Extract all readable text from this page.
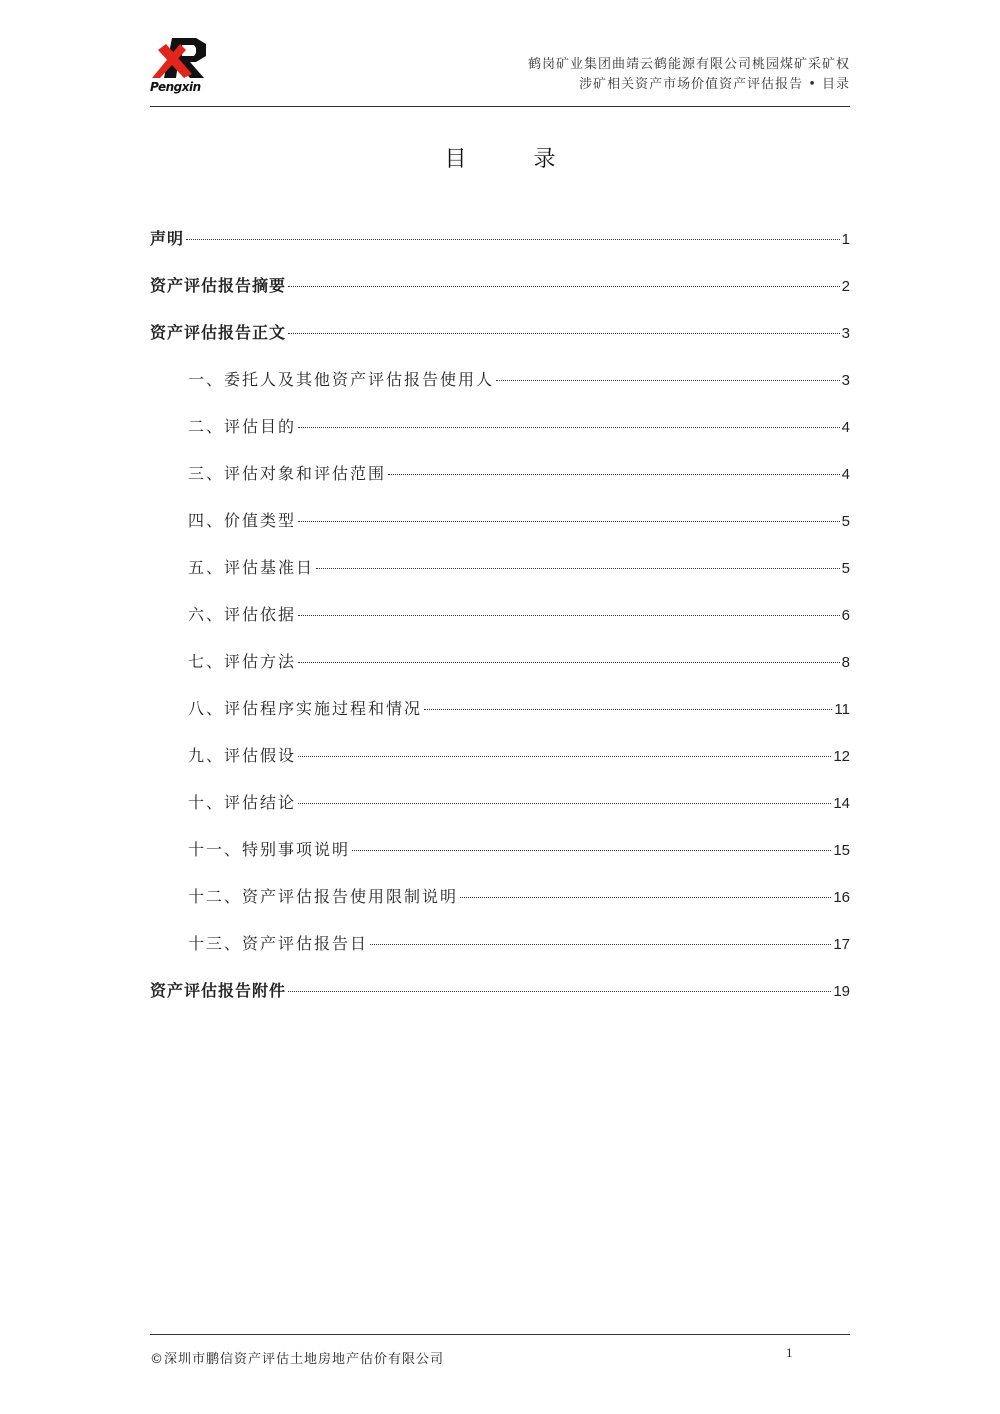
Pengxin
鹤岗矿业集团曲靖云鹤能源有限公司桃园煤矿采矿权
涉矿相关资产市场价值资产评估报告 • 目录
目 录
声明	1
资产评估报告摘要	2
资产评估报告正文	3
一、委托人及其他资产评估报告使用人	3
二、评估目的	4
三、评估对象和评估范围	4
四、价值类型	5
五、评估基准日	5
六、评估依据	6
七、评估方法	8
八、评估程序实施过程和情况	11
九、评估假设	12
十、评估结论	14
十一、特别事项说明	15
十二、资产评估报告使用限制说明	16
十三、资产评估报告日	17
资产评估报告附件	19
©深圳市鹏信资产评估土地房地产估价有限公司	1
